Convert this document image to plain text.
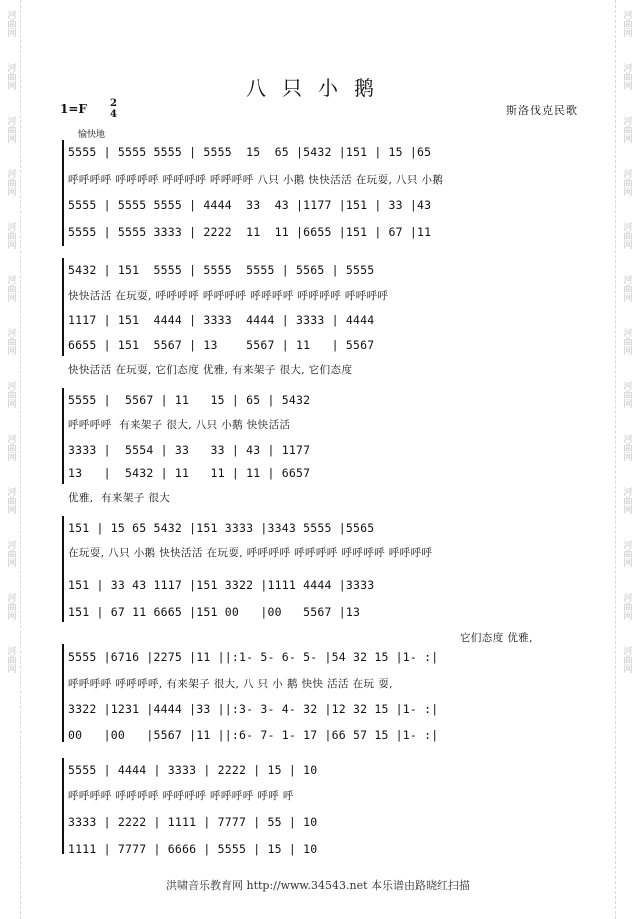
河曲网
河曲网
河曲网
河曲网
河曲网
河曲网
河曲网
河曲网
河曲网
河曲网
河曲网
河曲网
河曲网
河曲网
河曲网
河曲网
河曲网
河曲网
河曲网
河曲网
河曲网
河曲网
河曲网
河曲网
河曲网
河曲网
八只小鹅
斯洛伐克民歌
1=F 2
4
愉快地
5555 | 5555 5555 | 5555  15  65 |5432 |151 | 15 |65
呼呼呼呼 呼呼呼呼 呼呼呼呼 呼呼呼呼 八只 小鹅 快快活活 在玩耍, 八只 小鹅
5555 | 5555 5555 | 4444  33  43 |1177 |151 | 33 |43
5555 | 5555 3333 | 2222  11  11 |6655 |151 | 67 |11
5432 | 151  5555 | 5555  5555 | 5565 | 5555
快快活活 在玩耍, 呼呼呼呼 呼呼呼呼 呼呼呼呼 呼呼呼呼 呼呼呼呼
1117 | 151  4444 | 3333  4444 | 3333 | 4444
6655 | 151  5567 | 13    5567 | 11   | 5567
快快活活 在玩耍, 它们态度 优雅, 有来架子 很大, 它们态度
5555 |  5567 | 11   15 | 65 | 5432
呼呼呼呼  有来架子 很大, 八只 小鹅 快快活活
3333 |  5554 | 33   33 | 43 | 1177
13   |  5432 | 11   11 | 11 | 6657
优雅,  有来架子 很大
151 | 15 65 5432 |151 3333 |3343 5555 |5565
在玩耍, 八只 小鹅 快快活活 在玩耍, 呼呼呼呼 呼呼呼呼 呼呼呼呼 呼呼呼呼
151 | 33 43 1117 |151 3322 |1111 4444 |3333
151 | 67 11 6665 |151 00   |00   5567 |13
它们态度 优雅,
5555 |6716 |2275 |11 ||:1- 5- 6- 5- |54 32 15 |1- :|
呼呼呼呼 呼呼呼呼, 有来架子 很大, 八 只 小 鹅 快快 活活 在玩 耍,
3322 |1231 |4444 |33 ||:3- 3- 4- 32 |12 32 15 |1- :|
00   |00   |5567 |11 ||:6- 7- 1- 17 |66 57 15 |1- :|
5555 | 4444 | 3333 | 2222 | 15 | 10
呼呼呼呼 呼呼呼呼 呼呼呼呼 呼呼呼呼 呼呼 呼
3333 | 2222 | 1111 | 7777 | 55 | 10
1111 | 7777 | 6666 | 5555 | 15 | 10
洪啸音乐教育网 http://www.34543.net 本乐谱由路晓红扫描
